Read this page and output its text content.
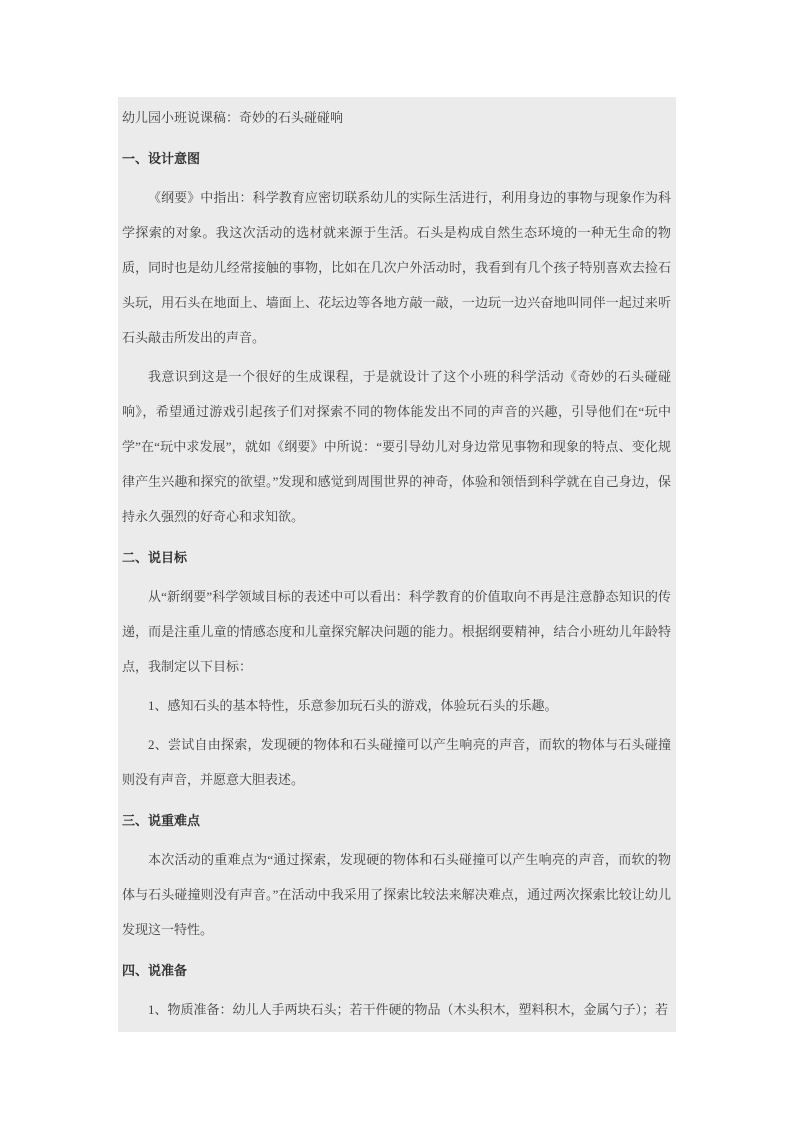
幼儿园小班说课稿：奇妙的石头碰碰响

一、设计意图

《纲要》中指出：科学教育应密切联系幼儿的实际生活进行，利用身边的事物与现象作为科学探索的对象。我这次活动的选材就来源于生活。石头是构成自然生态环境的一种无生命的物质，同时也是幼儿经常接触的事物，比如在几次户外活动时，我看到有几个孩子特别喜欢去捡石头玩，用石头在地面上、墙面上、花坛边等各地方敲一敲，一边玩一边兴奋地叫同伴一起过来听石头敲击所发出的声音。

我意识到这是一个很好的生成课程，于是就设计了这个小班的科学活动《奇妙的石头碰碰响》，希望通过游戏引起孩子们对探索不同的物体能发出不同的声音的兴趣，引导他们在“玩中学”在“玩中求发展”，就如《纲要》中所说：“要引导幼儿对身边常见事物和现象的特点、变化规律产生兴趣和探究的欲望。”发现和感觉到周围世界的神奇，体验和领悟到科学就在自己身边，保持永久强烈的好奇心和求知欲。

二、说目标

从“新纲要”科学领域目标的表述中可以看出：科学教育的价值取向不再是注意静态知识的传递，而是注重儿童的情感态度和儿童探究解决问题的能力。根据纲要精神，结合小班幼儿年龄特点，我制定以下目标：

1、感知石头的基本特性，乐意参加玩石头的游戏，体验玩石头的乐趣。

2、尝试自由探索，发现硬的物体和石头碰撞可以产生响亮的声音，而软的物体与石头碰撞则没有声音，并愿意大胆表述。

三、说重难点

本次活动的重难点为“通过探索，发现硬的物体和石头碰撞可以产生响亮的声音，而软的物体与石头碰撞则没有声音。”在活动中我采用了探索比较法来解决难点，通过两次探索比较让幼儿发现这一特性。

四、说准备

1、物质准备：幼儿人手两块石头；若干件硬的物品（木头积木，塑料积木，金属勺子）；若
